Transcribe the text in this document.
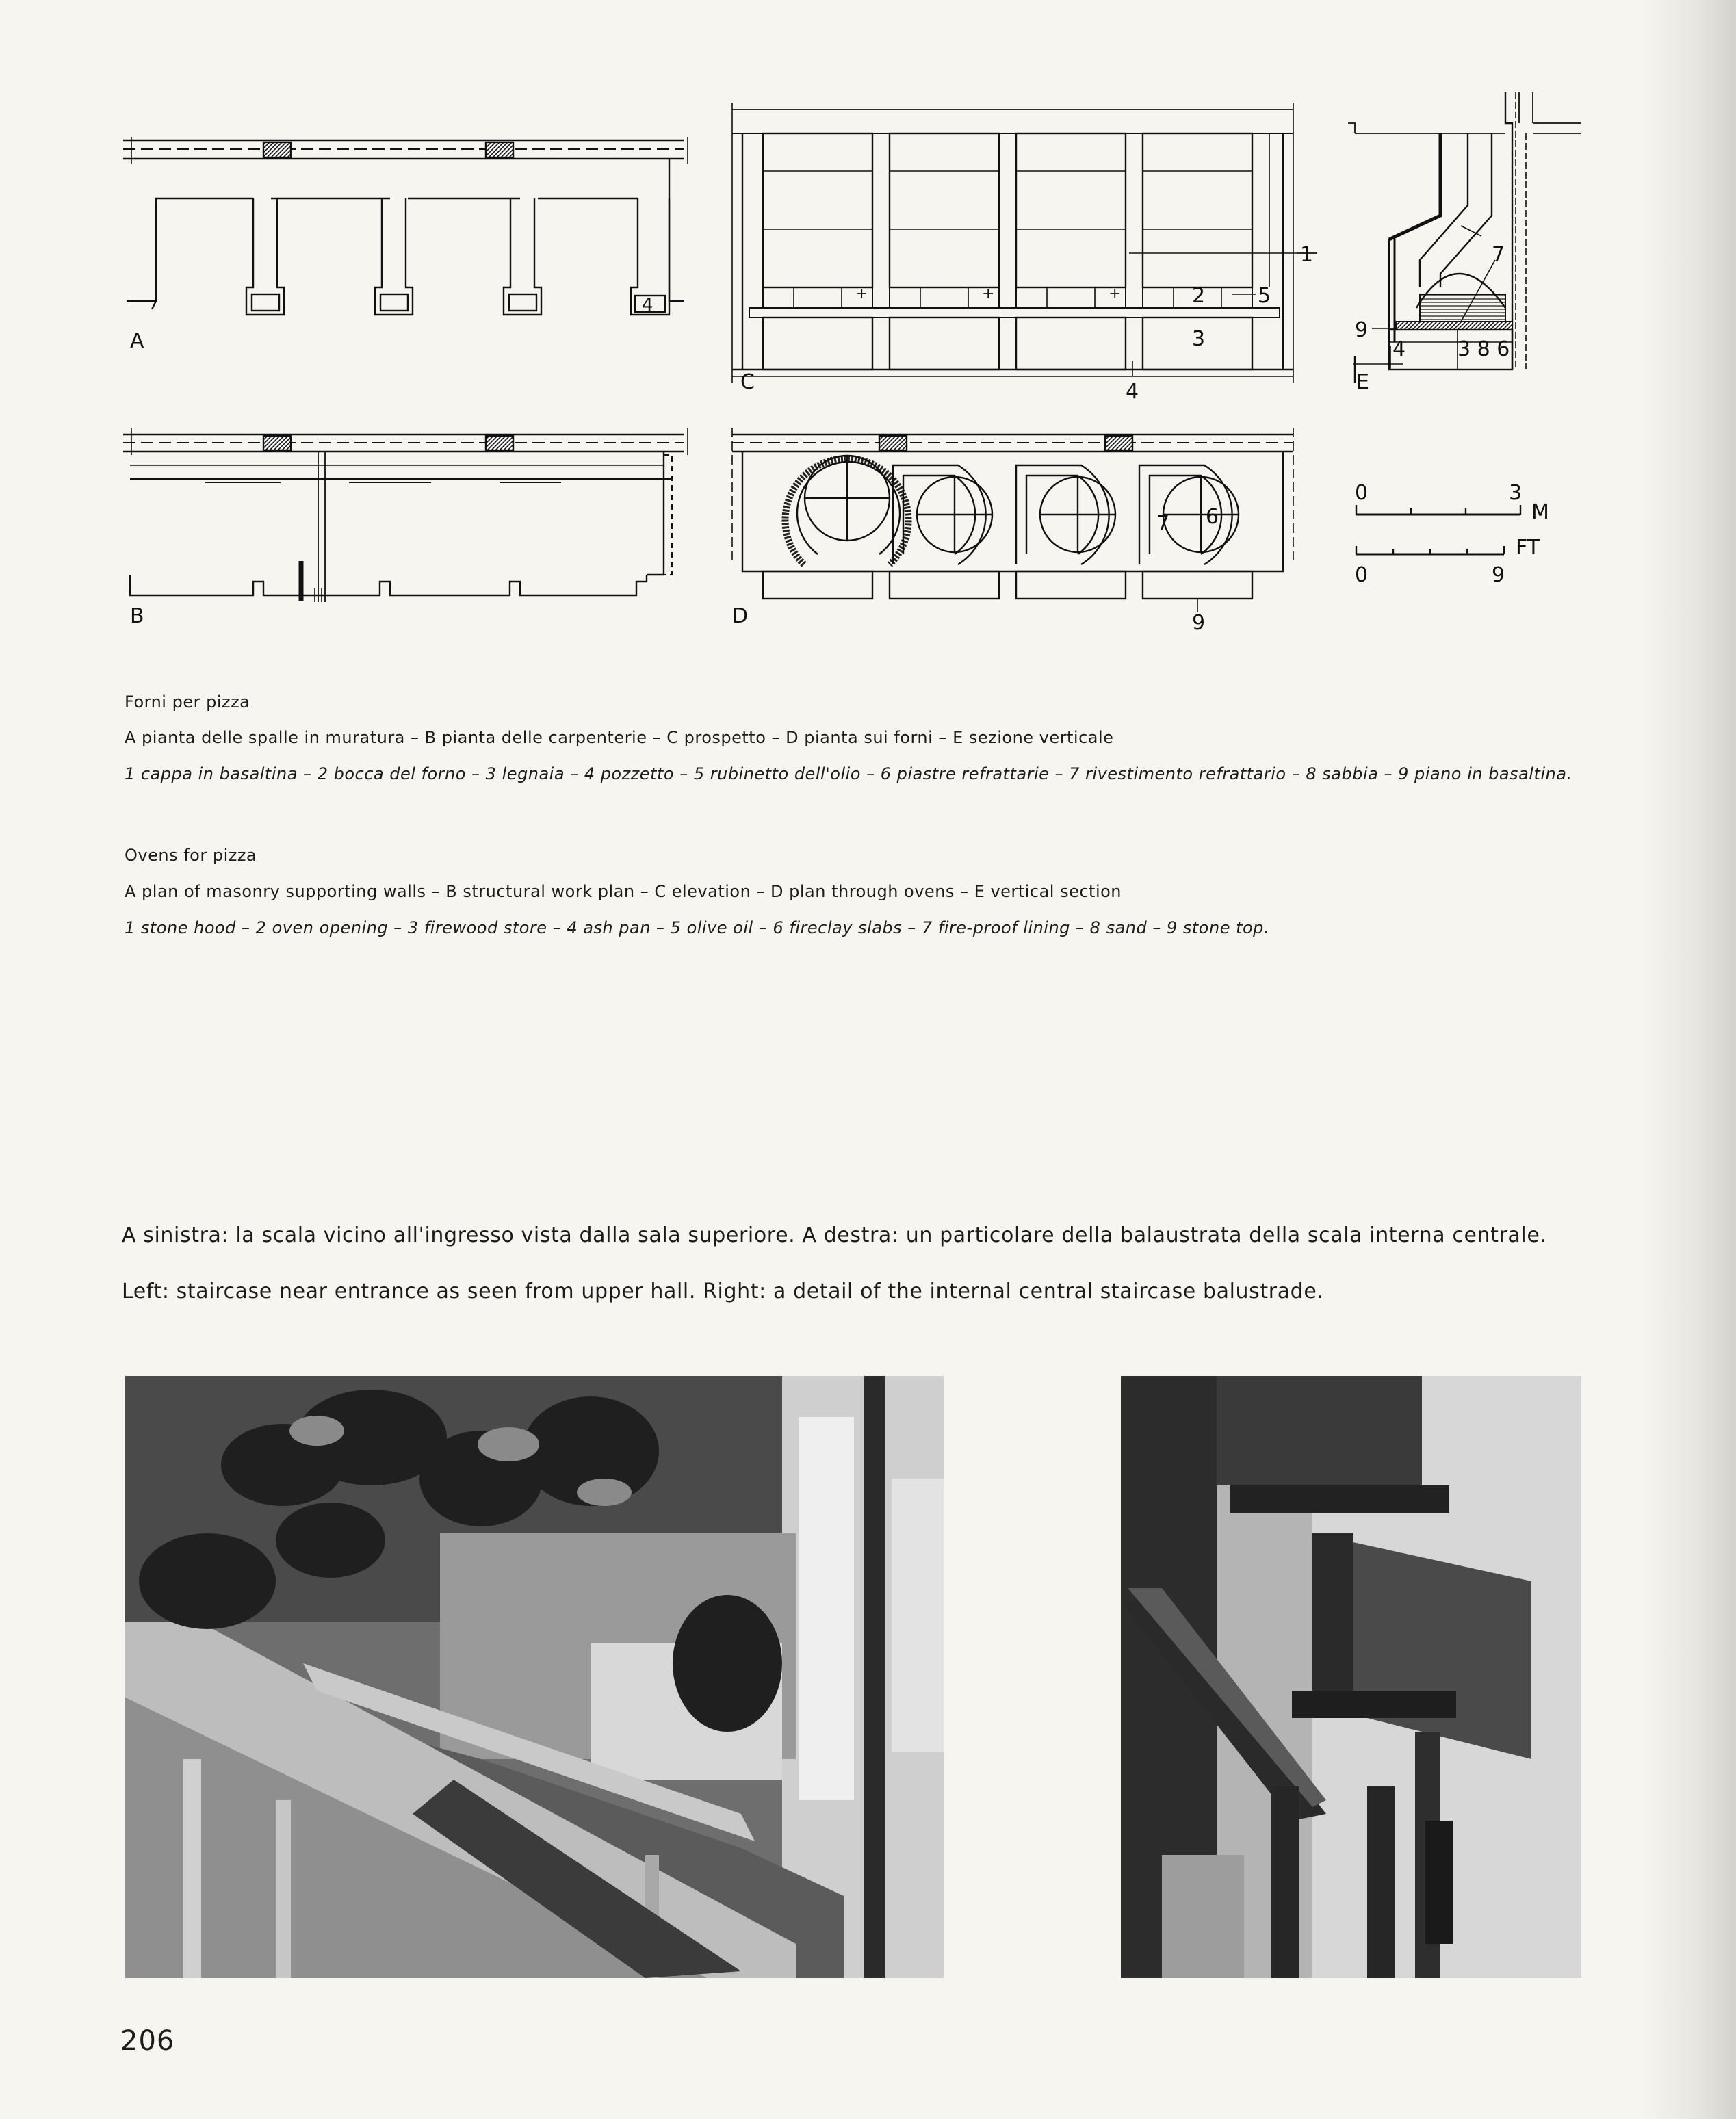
A
4
B
+	+	+	2	5
3
4
C
1
7 6
9
D
7
9
4	3 8 6
E
0	3
M
FT
0	9
Forni per pizza
A pianta delle spalle in muratura – B pianta delle carpenterie – C prospetto – D pianta sui forni – E sezione verticale
1 cappa in basaltina – 2 bocca del forno – 3 legnaia – 4 pozzetto – 5 rubinetto dell'olio – 6 piastre refrattarie – 7 rivestimento refrattario – 8 sabbia – 9 piano in basaltina.
Ovens for pizza
A plan of masonry supporting walls – B structural work plan – C elevation – D plan through ovens – E vertical section
1 stone hood – 2 oven opening – 3 firewood store – 4 ash pan – 5 olive oil – 6 fireclay slabs – 7 fire-proof lining – 8 sand – 9 stone top.
A sinistra: la scala vicino all'ingresso vista dalla sala superiore. A destra: un particolare della balaustrata della scala interna centrale.
Left: staircase near entrance as seen from upper hall. Right: a detail of the internal central staircase balustrade.
206
